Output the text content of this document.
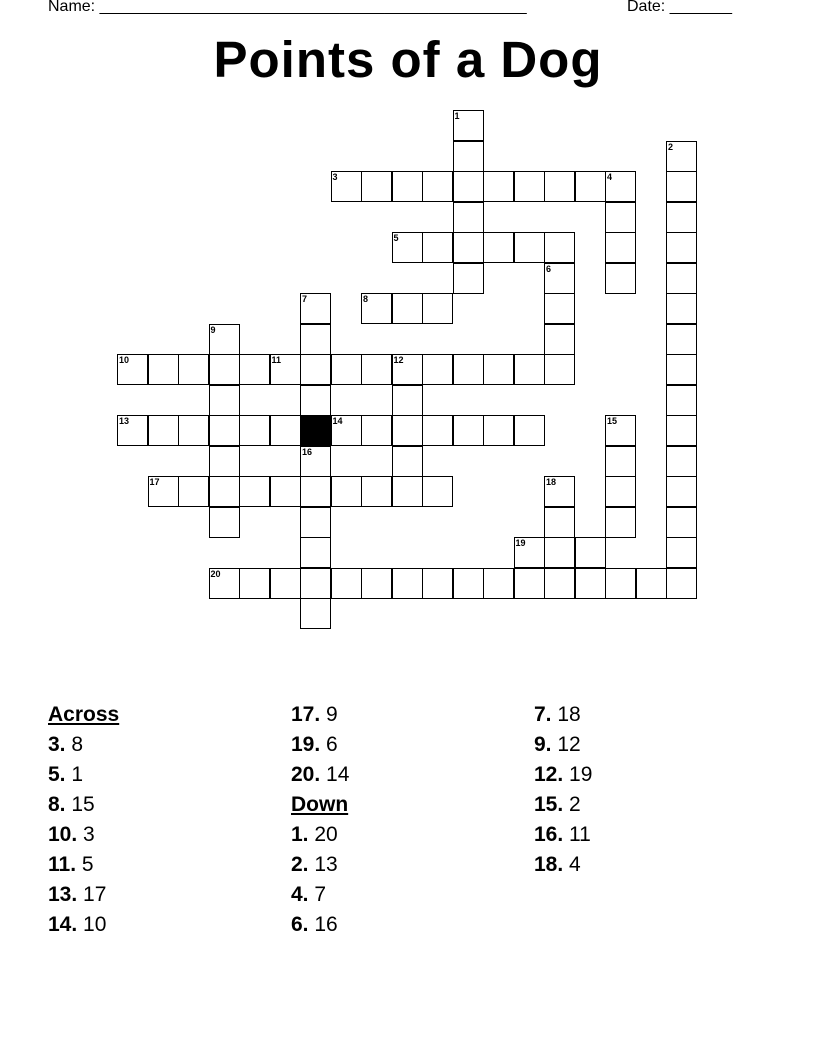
Name: ________________________________________________	Date: _______
Points of a Dog
1
2
3	4
5
6
7	8
9
10	11	12
13	14	15
16
17	18
19
20
Across
3. 8
5. 1
8. 15
10. 3
11. 5
13. 17
14. 10
17. 9
19. 6
20. 14
Down
1. 20
2. 13
4. 7
6. 16
7. 18
9. 12
12. 19
15. 2
16. 11
18. 4
